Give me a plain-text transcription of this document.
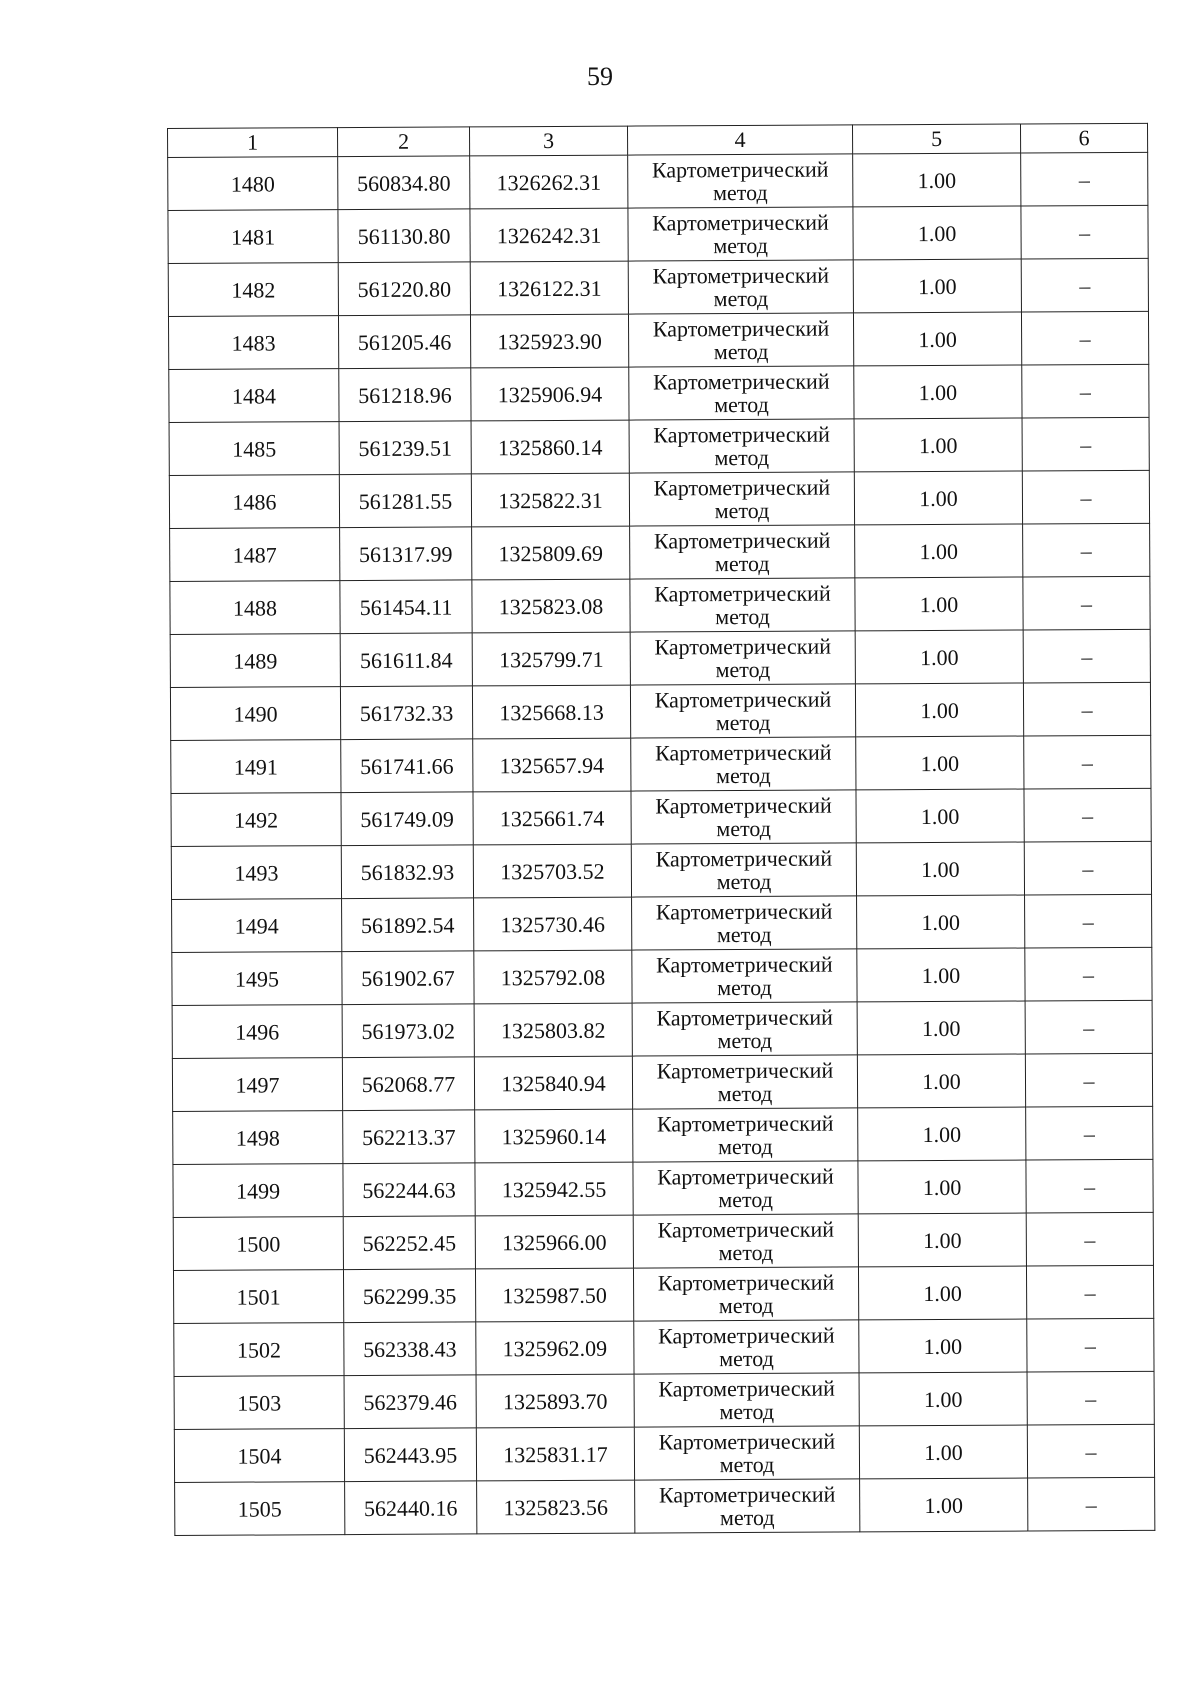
59
1	2	3	4	5	6
1480	560834.80	1326262.31	Картометрический
метод	1.00	–
1481	561130.80	1326242.31	Картометрический
метод	1.00	–
1482	561220.80	1326122.31	Картометрический
метод	1.00	–
1483	561205.46	1325923.90	Картометрический
метод	1.00	–
1484	561218.96	1325906.94	Картометрический
метод	1.00	–
1485	561239.51	1325860.14	Картометрический
метод	1.00	–
1486	561281.55	1325822.31	Картометрический
метод	1.00	–
1487	561317.99	1325809.69	Картометрический
метод	1.00	–
1488	561454.11	1325823.08	Картометрический
метод	1.00	–
1489	561611.84	1325799.71	Картометрический
метод	1.00	–
1490	561732.33	1325668.13	Картометрический
метод	1.00	–
1491	561741.66	1325657.94	Картометрический
метод	1.00	–
1492	561749.09	1325661.74	Картометрический
метод	1.00	–
1493	561832.93	1325703.52	Картометрический
метод	1.00	–
1494	561892.54	1325730.46	Картометрический
метод	1.00	–
1495	561902.67	1325792.08	Картометрический
метод	1.00	–
1496	561973.02	1325803.82	Картометрический
метод	1.00	–
1497	562068.77	1325840.94	Картометрический
метод	1.00	–
1498	562213.37	1325960.14	Картометрический
метод	1.00	–
1499	562244.63	1325942.55	Картометрический
метод	1.00	–
1500	562252.45	1325966.00	Картометрический
метод	1.00	–
1501	562299.35	1325987.50	Картометрический
метод	1.00	–
1502	562338.43	1325962.09	Картометрический
метод	1.00	–
1503	562379.46	1325893.70	Картометрический
метод	1.00	–
1504	562443.95	1325831.17	Картометрический
метод	1.00	–
1505	562440.16	1325823.56	Картометрический
метод	1.00	–
